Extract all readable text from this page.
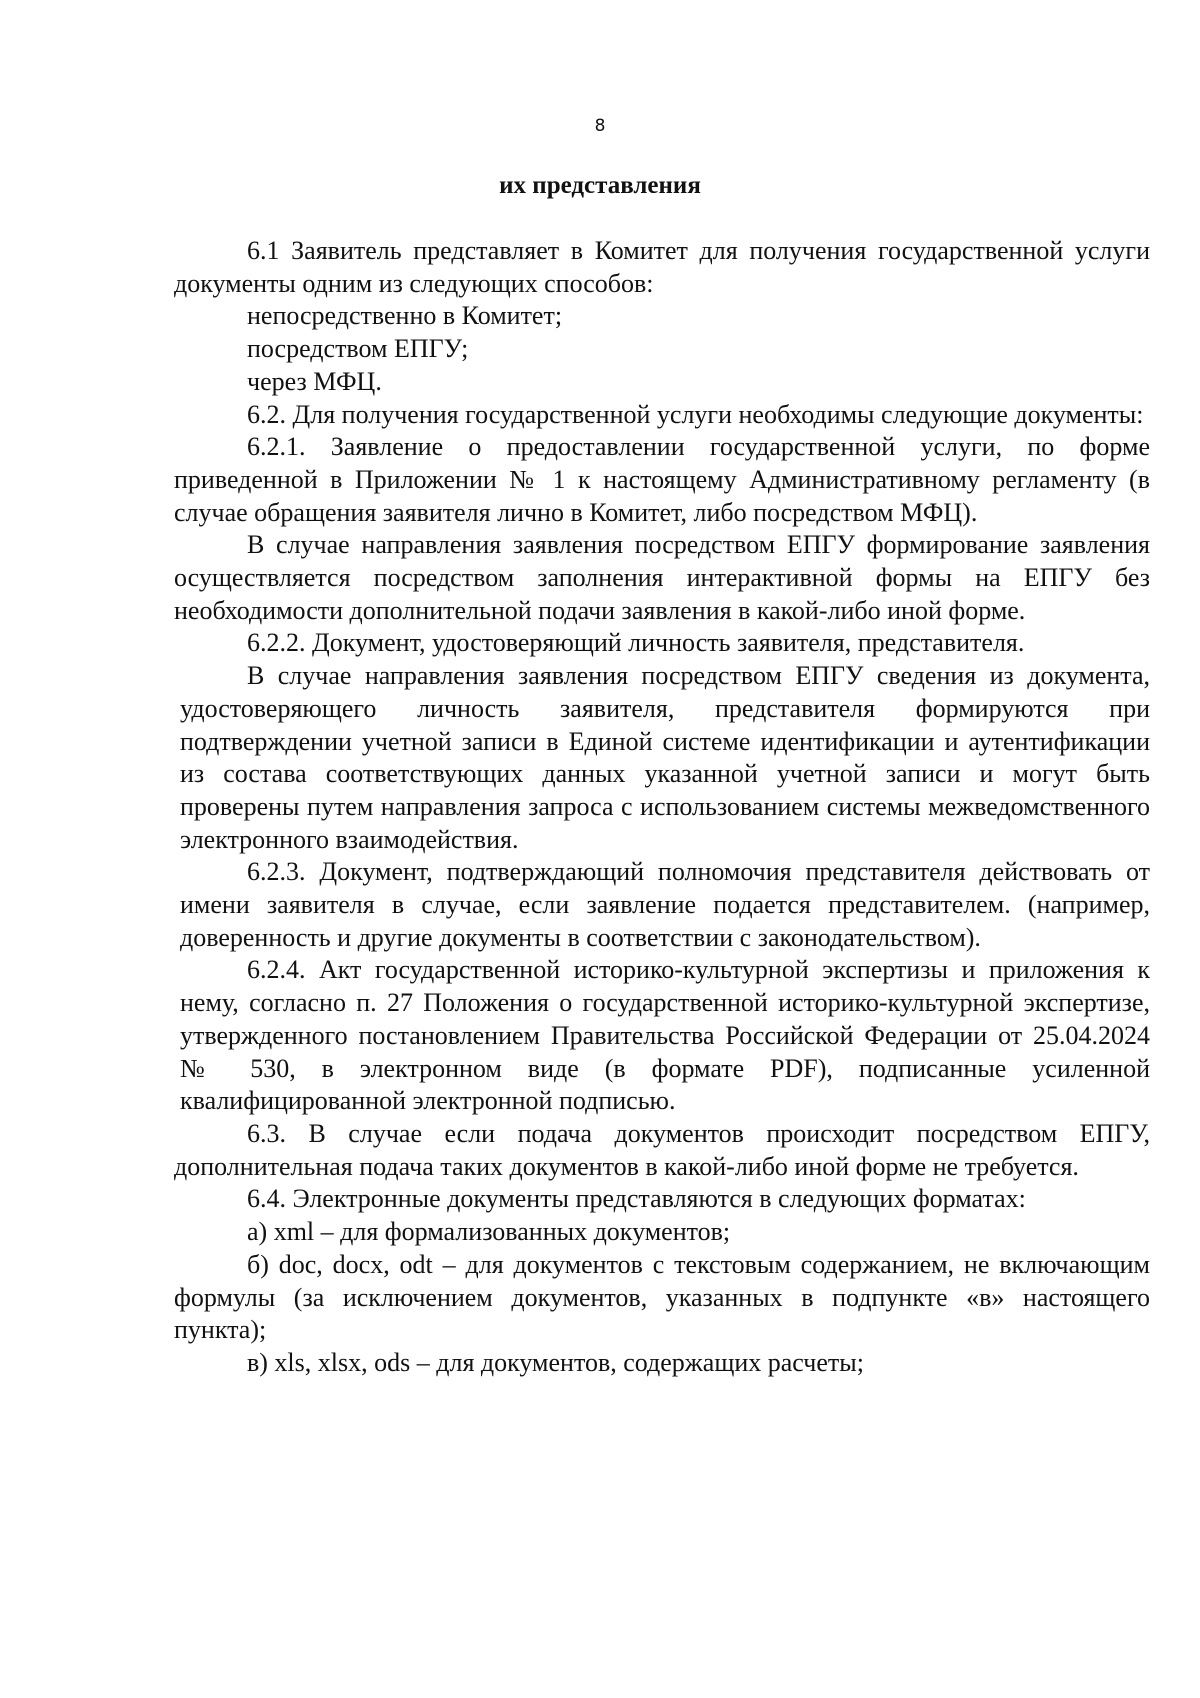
8
их представления

6.1 Заявитель представляет в Комитет для получения государственной услуги документы одним из следующих способов:

непосредственно в Комитет;

посредством ЕПГУ;

через МФЦ.

6.2. Для получения государственной услуги необходимы следующие документы:

6.2.1. Заявление о предоставлении государственной услуги, по форме приведенной в Приложении № 1 к настоящему Административному регламенту (в случае обращения заявителя лично в Комитет, либо посредством МФЦ).

В случае направления заявления посредством ЕПГУ формирование заявления осуществляется посредством заполнения интерактивной формы на ЕПГУ без необходимости дополнительной подачи заявления в какой-либо иной форме.

6.2.2. Документ, удостоверяющий личность заявителя, представителя.

В случае направления заявления посредством ЕПГУ сведения из документа, удостоверяющего личность заявителя, представителя формируются при подтверждении учетной записи в Единой системе идентификации и аутентификации из состава соответствующих данных указанной учетной записи и могут быть проверены путем направления запроса с использованием системы межведомственного электронного взаимодействия.

6.2.3. Документ, подтверждающий полномочия представителя действовать от имени заявителя в случае, если заявление подается представителем. (например, доверенность и другие документы в соответствии с законодательством).

6.2.4. Акт государственной историко-культурной экспертизы и приложения к нему, согласно п. 27 Положения о государственной историко-культурной экспертизе, утвержденного постановлением Правительства Российской Федерации от 25.04.2024 № 530, в электронном виде (в формате PDF), подписанные усиленной квалифицированной электронной подписью.

6.3. В случае если подача документов происходит посредством ЕПГУ, дополнительная подача таких документов в какой-либо иной форме не требуется.

6.4. Электронные документы представляются в следующих форматах:

а) xml – для формализованных документов;

б) doc, docx, odt – для документов с текстовым содержанием, не включающим формулы (за исключением документов, указанных в подпункте «в» настоящего пункта);

в) xls, xlsx, ods – для документов, содержащих расчеты;
